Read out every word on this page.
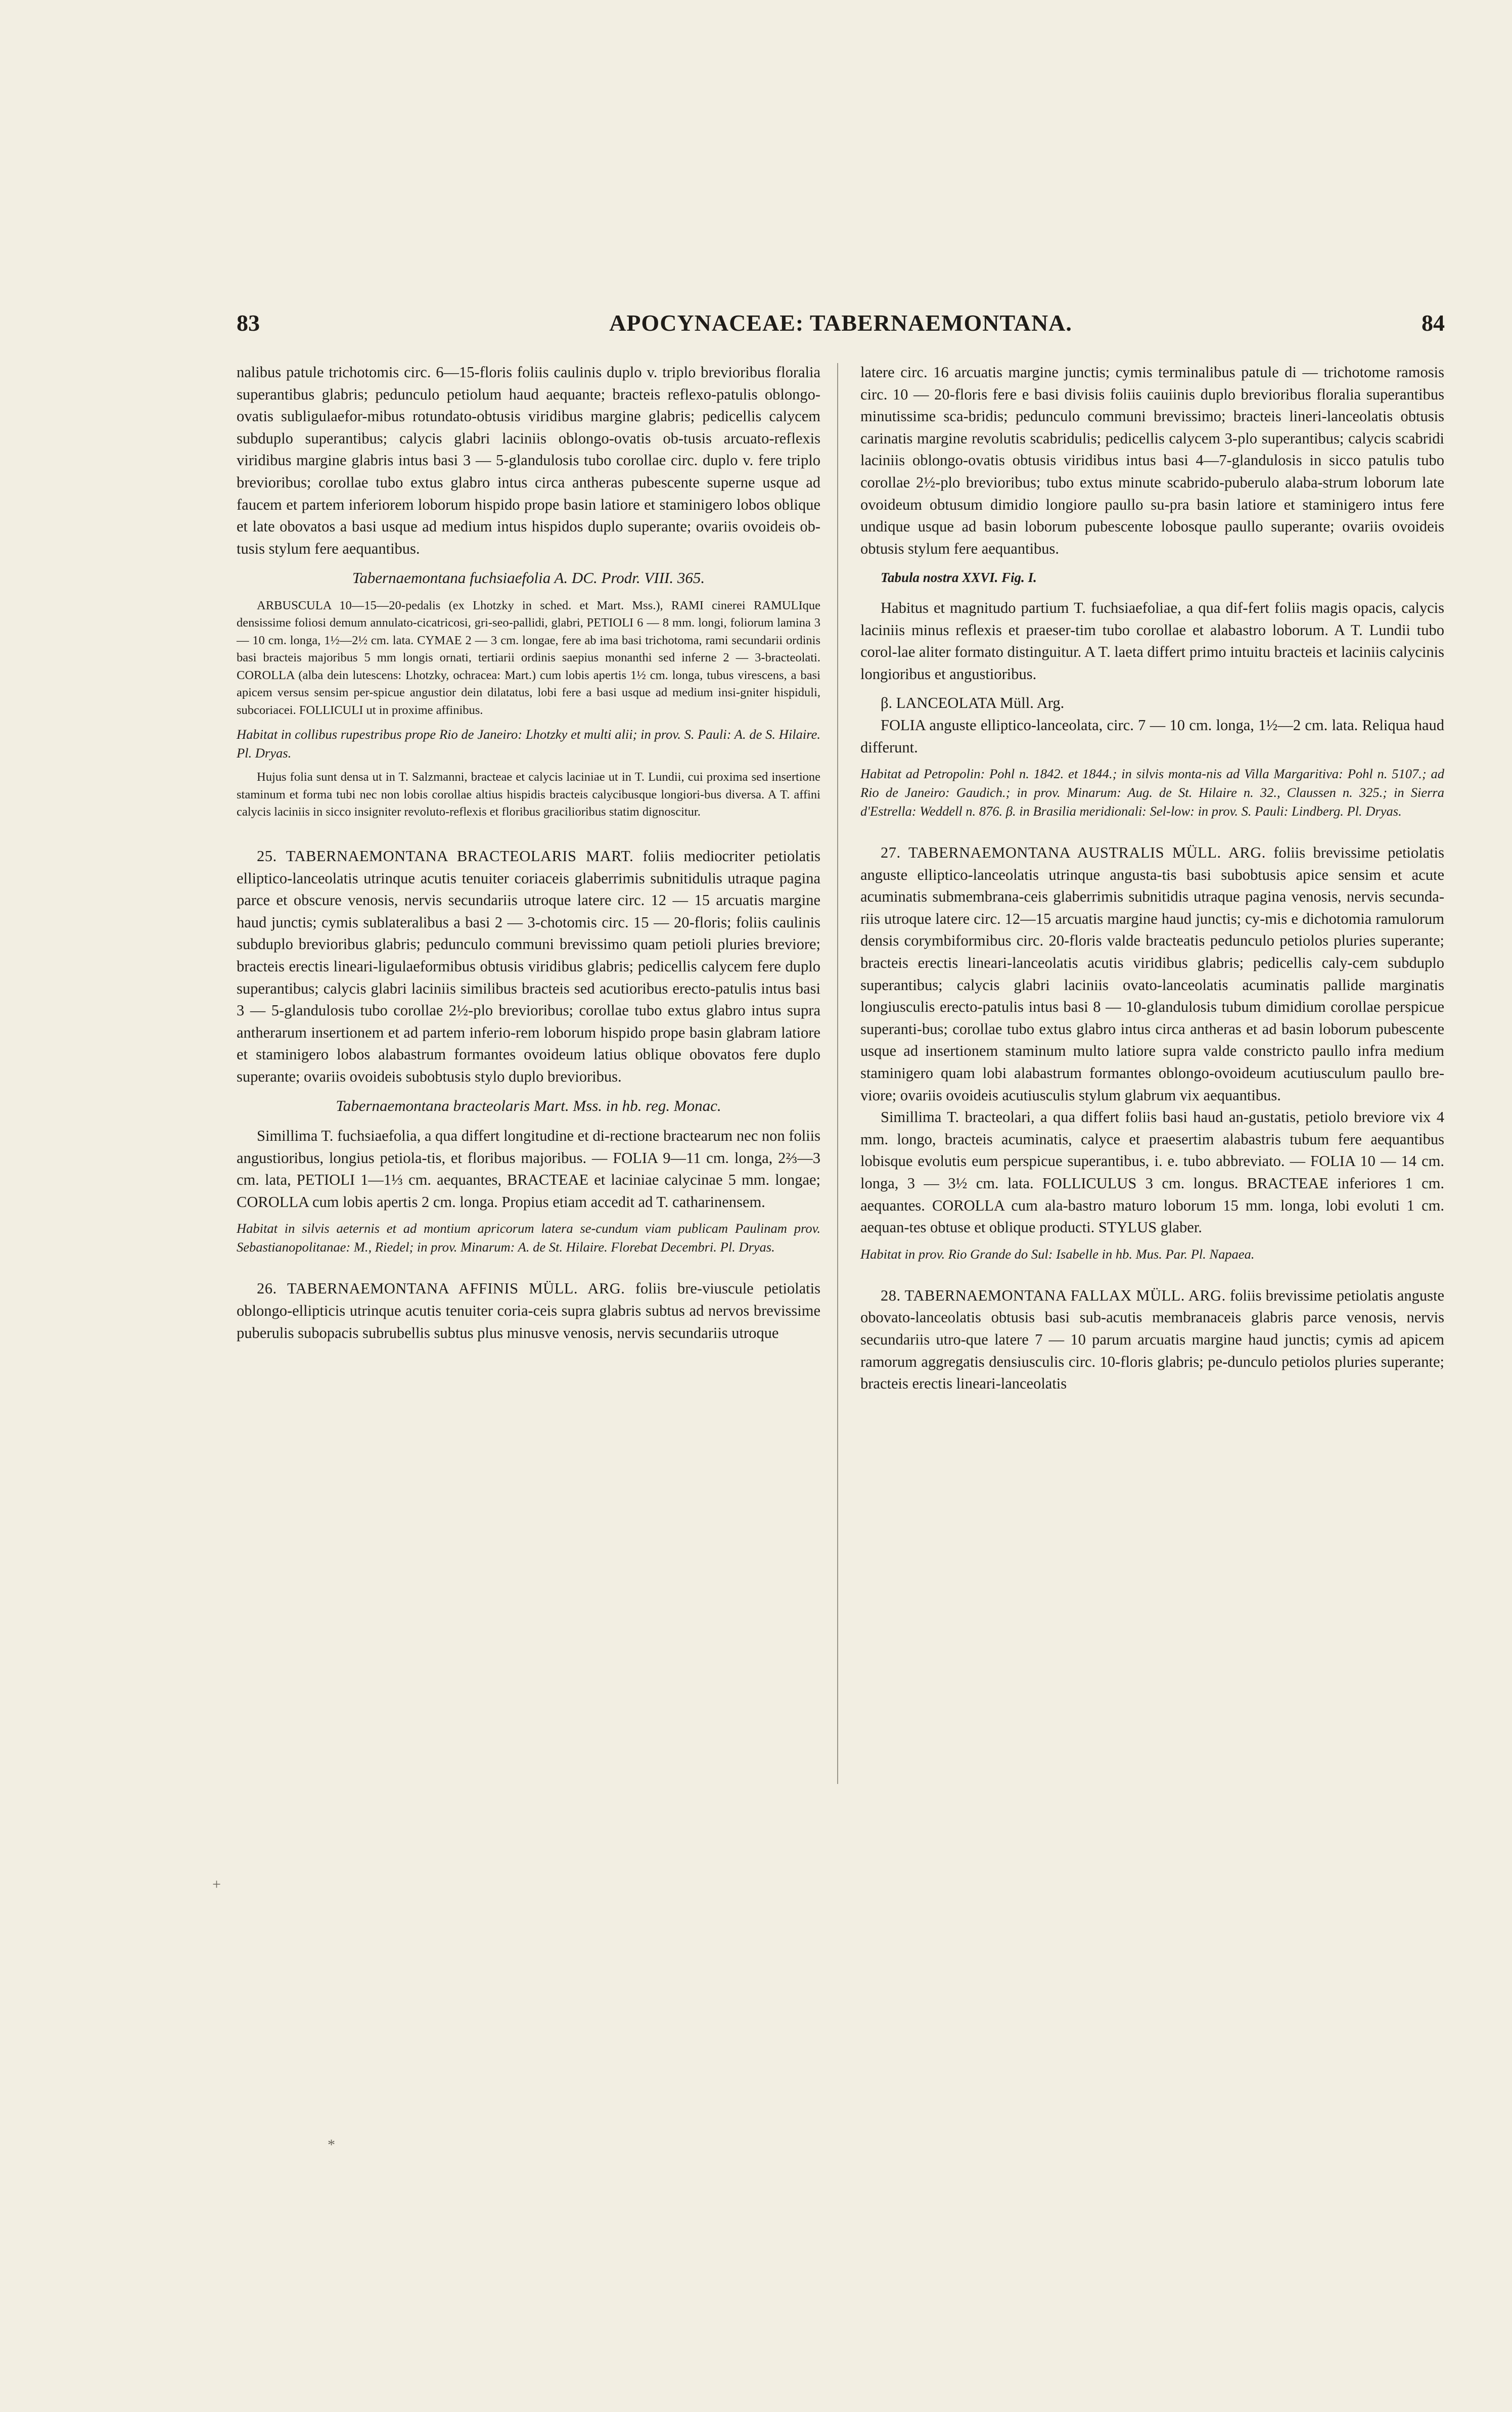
83	APOCYNACEAE: TABERNAEMONTANA.	84

nalibus patule trichotomis circ. 6—15-floris foliis caulinis duplo v. triplo brevioribus floralia superantibus glabris; pedunculo petiolum haud aequante; bracteis reflexo-patulis oblongo-ovatis subligulaefor-mibus rotundato-obtusis viridibus margine glabris; pedicellis calycem subduplo superantibus; calycis glabri laciniis oblongo-ovatis ob-tusis arcuato-reflexis viridibus margine glabris intus basi 3 — 5-glandulosis tubo corollae circ. duplo v. fere triplo brevioribus; corollae tubo extus glabro intus circa antheras pubescente superne usque ad faucem et partem inferiorem loborum hispido prope basin latiore et staminigero lobos oblique et late obovatos a basi usque ad medium intus hispidos duplo superante; ovariis ovoideis ob-tusis stylum fere aequantibus.

Tabernaemontana fuchsiaefolia A. DC. Prodr. VIII. 365.

ARBUSCULA 10—15—20-pedalis (ex Lhotzky in sched. et Mart. Mss.), RAMI cinerei RAMULIque densissime foliosi demum annulato-cicatricosi, gri-seo-pallidi, glabri, PETIOLI 6 — 8 mm. longi, foliorum lamina 3 — 10 cm. longa, 1½—2½ cm. lata. CYMAE 2 — 3 cm. longae, fere ab ima basi trichotoma, rami secundarii ordinis basi bracteis majoribus 5 mm longis ornati, tertiarii ordinis saepius monanthi sed inferne 2 — 3-bracteolati. COROLLA (alba dein lutescens: Lhotzky, ochracea: Mart.) cum lobis apertis 1½ cm. longa, tubus virescens, a basi apicem versus sensim per-spicue angustior dein dilatatus, lobi fere a basi usque ad medium insi-gniter hispiduli, subcoriacei. FOLLICULI ut in proxime affinibus.

Habitat in collibus rupestribus prope Rio de Janeiro: Lhotzky et multi alii; in prov. S. Pauli: A. de S. Hilaire. Pl. Dryas.

Hujus folia sunt densa ut in T. Salzmanni, bracteae et calycis laciniae ut in T. Lundii, cui proxima sed insertione staminum et forma tubi nec non lobis corollae altius hispidis bracteis calycibusque longiori-bus diversa. A T. affini calycis laciniis in sicco insigniter revoluto-reflexis et floribus gracilioribus statim dignoscitur.

25. TABERNAEMONTANA BRACTEOLARIS MART. foliis mediocriter petiolatis elliptico-lanceolatis utrinque acutis tenuiter coriaceis glaberrimis subnitidulis utraque pagina parce et obscure venosis, nervis secundariis utroque latere circ. 12 — 15 arcuatis margine haud junctis; cymis sublateralibus a basi 2 — 3-chotomis circ. 15 — 20-floris; foliis caulinis subduplo brevioribus glabris; pedunculo communi brevissimo quam petioli pluries breviore; bracteis erectis lineari-ligulaeformibus obtusis viridibus glabris; pedicellis calycem fere duplo superantibus; calycis glabri laciniis similibus bracteis sed acutioribus erecto-patulis intus basi 3 — 5-glandulosis tubo corollae 2½-plo brevioribus; corollae tubo extus glabro intus supra antherarum insertionem et ad partem inferio-rem loborum hispido prope basin glabram latiore et staminigero lobos alabastrum formantes ovoideum latius oblique obovatos fere duplo superante; ovariis ovoideis subobtusis stylo duplo brevioribus.

Tabernaemontana bracteolaris Mart. Mss. in hb. reg. Monac.

Simillima T. fuchsiaefolia, a qua differt longitudine et di-rectione bractearum nec non foliis angustioribus, longius petiola-tis, et floribus majoribus. — FOLIA 9—11 cm. longa, 2⅔—3 cm. lata, PETIOLI 1—1⅓ cm. aequantes, BRACTEAE et laciniae calycinae 5 mm. longae; COROLLA cum lobis apertis 2 cm. longa. Propius etiam accedit ad T. catharinensem.

Habitat in silvis aeternis et ad montium apricorum latera se-cundum viam publicam Paulinam prov. Sebastianopolitanae: M., Riedel; in prov. Minarum: A. de St. Hilaire. Florebat Decembri. Pl. Dryas.

26. TABERNAEMONTANA AFFINIS MÜLL. ARG. foliis bre-viuscule petiolatis oblongo-ellipticis utrinque acutis tenuiter coria-ceis supra glabris subtus ad nervos brevissime puberulis subopacis subrubellis subtus plus minusve venosis, nervis secundariis utroque

latere circ. 16 arcuatis margine junctis; cymis terminalibus patule di — trichotome ramosis circ. 10 — 20-floris fere e basi divisis foliis cauiinis duplo brevioribus floralia superantibus minutissime sca-bridis; pedunculo communi brevissimo; bracteis lineri-lanceolatis obtusis carinatis margine revolutis scabridulis; pedicellis calycem 3-plo superantibus; calycis scabridi laciniis oblongo-ovatis obtusis viridibus intus basi 4—7-glandulosis in sicco patulis tubo corollae 2½-plo brevioribus; tubo extus minute scabrido-puberulo alaba-strum loborum late ovoideum obtusum dimidio longiore paullo su-pra basin latiore et staminigero intus fere undique usque ad basin loborum pubescente lobosque paullo superante; ovariis ovoideis obtusis stylum fere aequantibus.

Tabula nostra XXVI. Fig. I.

Habitus et magnitudo partium T. fuchsiaefoliae, a qua dif-fert foliis magis opacis, calycis laciniis minus reflexis et praeser-tim tubo corollae et alabastro loborum. A T. Lundii tubo corol-lae aliter formato distinguitur. A T. laeta differt primo intuitu bracteis et laciniis calycinis longioribus et angustioribus.

β. LANCEOLATA Müll. Arg.

FOLIA anguste elliptico-lanceolata, circ. 7 — 10 cm. longa, 1½—2 cm. lata. Reliqua haud differunt.

Habitat ad Petropolin: Pohl n. 1842. et 1844.; in silvis monta-nis ad Villa Margaritiva: Pohl n. 5107.; ad Rio de Janeiro: Gaudich.; in prov. Minarum: Aug. de St. Hilaire n. 32., Claussen n. 325.; in Sierra d'Estrella: Weddell n. 876. β. in Brasilia meridionali: Sel-low: in prov. S. Pauli: Lindberg. Pl. Dryas.

27. TABERNAEMONTANA AUSTRALIS MÜLL. ARG. foliis brevissime petiolatis anguste elliptico-lanceolatis utrinque angusta-tis basi subobtusis apice sensim et acute acuminatis submembrana-ceis glaberrimis subnitidis utraque pagina venosis, nervis secunda-riis utroque latere circ. 12—15 arcuatis margine haud junctis; cy-mis e dichotomia ramulorum densis corymbiformibus circ. 20-floris valde bracteatis pedunculo petiolos pluries superante; bracteis erectis lineari-lanceolatis acutis viridibus glabris; pedicellis caly-cem subduplo superantibus; calycis glabri laciniis ovato-lanceolatis acuminatis pallide marginatis longiusculis erecto-patulis intus basi 8 — 10-glandulosis tubum dimidium corollae perspicue superanti-bus; corollae tubo extus glabro intus circa antheras et ad basin loborum pubescente usque ad insertionem staminum multo latiore supra valde constricto paullo infra medium staminigero quam lobi alabastrum formantes oblongo-ovoideum acutiusculum paullo bre-viore; ovariis ovoideis acutiusculis stylum glabrum vix aequantibus.

Simillima T. bracteolari, a qua differt foliis basi haud an-gustatis, petiolo breviore vix 4 mm. longo, bracteis acuminatis, calyce et praesertim alabastris tubum fere aequantibus lobisque evolutis eum perspicue superantibus, i. e. tubo abbreviato. — FOLIA 10 — 14 cm. longa, 3 — 3½ cm. lata. FOLLICULUS 3 cm. longus. BRACTEAE inferiores 1 cm. aequantes. COROLLA cum ala-bastro maturo loborum 15 mm. longa, lobi evoluti 1 cm. aequan-tes obtuse et oblique producti. STYLUS glaber.

Habitat in prov. Rio Grande do Sul: Isabelle in hb. Mus. Par. Pl. Napaea.

28. TABERNAEMONTANA FALLAX MÜLL. ARG. foliis brevissime petiolatis anguste obovato-lanceolatis obtusis basi sub-acutis membranaceis glabris parce venosis, nervis secundariis utro-que latere 7 — 10 parum arcuatis margine haud junctis; cymis ad apicem ramorum aggregatis densiusculis circ. 10-floris glabris; pe-dunculo petiolos pluries superante; bracteis erectis lineari-lanceolatis

*
+
